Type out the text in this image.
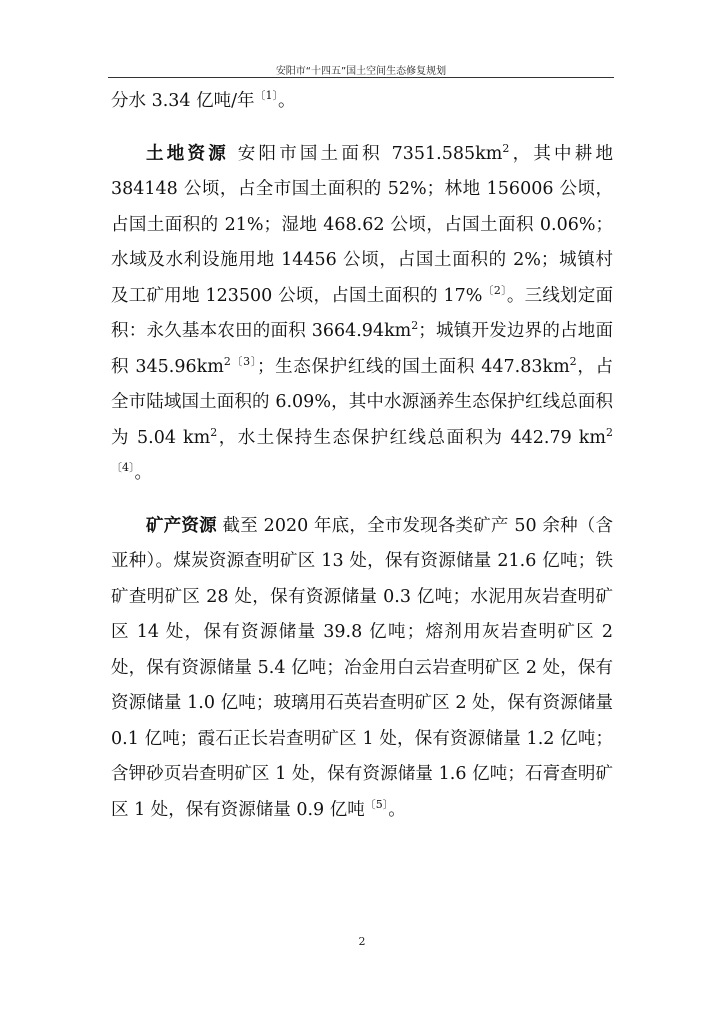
安阳市“十四五”国土空间生态修复规划

分水 3.34 亿吨/年$^{〔1〕}$。

土地资源 安阳市国土面积 $7351.585km^2$，其中耕地 384148 公顷，占全市国土面积的 52%；林地 156006 公顷，占国土面积的 21%；湿地 468.62 公顷，占国土面积 0.06%；水域及水利设施用地 14456 公顷，占国土面积的 2%；城镇村及工矿用地 123500 公顷，占国土面积的 17%$^{〔2〕}$。三线划定面积：永久基本农田的面积 $3664.94km^2$；城镇开发边界的占地面积 345.96km$^{2〔3〕}$；生态保护红线的国土面积 $447.83km^2$，占全市陆域国土面积的 6.09%，其中水源涵养生态保护红线总面积为 5.04 $km^2$，水土保持生态保护红线总面积为 442.79 km$^{2〔4〕}$。

矿产资源 截至 2020 年底，全市发现各类矿产 50 余种（含亚种）。煤炭资源查明矿区 13 处，保有资源储量 21.6 亿吨；铁矿查明矿区 28 处，保有资源储量 0.3 亿吨；水泥用灰岩查明矿区 14 处，保有资源储量 39.8 亿吨；熔剂用灰岩查明矿区 2 处，保有资源储量 5.4 亿吨；冶金用白云岩查明矿区 2 处，保有资源储量 1.0 亿吨；玻璃用石英岩查明矿区 2 处，保有资源储量 0.1 亿吨；霞石正长岩查明矿区 1 处，保有资源储量 1.2 亿吨；含钾砂页岩查明矿区 1 处，保有资源储量 1.6 亿吨；石膏查明矿区 1 处，保有资源储量 0.9 亿吨$^{〔5〕}$。

2
